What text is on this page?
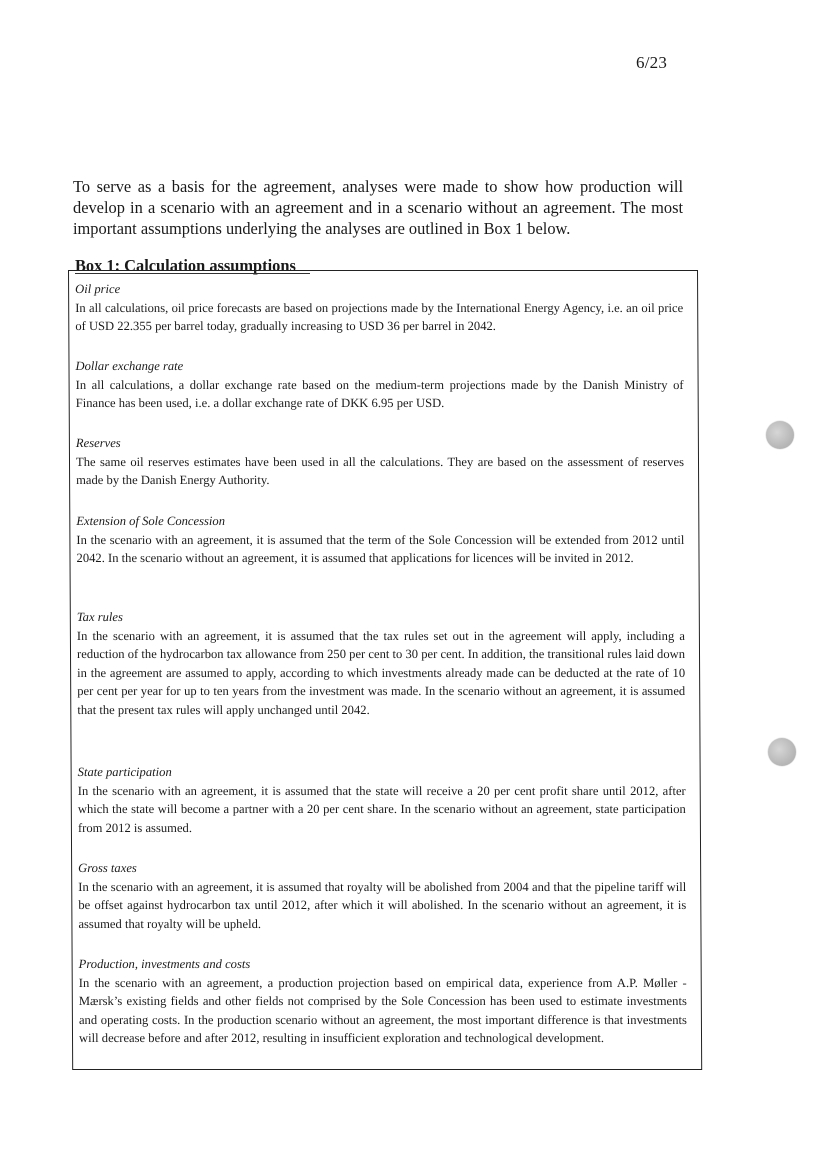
6/23

To serve as a basis for the agreement, analyses were made to show how production will develop in a scenario with an agreement and in a scenario without an agreement. The most important assumptions underlying the analyses are outlined in Box 1 below.

Box 1: Calculation assumptions
Oil price
In all calculations, oil price forecasts are based on projections made by the International Energy Agency, i.e. an oil price of USD 22.355 per barrel today, gradually increasing to USD 36 per barrel in 2042.
Dollar exchange rate
In all calculations, a dollar exchange rate based on the medium-term projections made by the Danish Ministry of Finance has been used, i.e. a dollar exchange rate of DKK 6.95 per USD.
Reserves
The same oil reserves estimates have been used in all the calculations. They are based on the assessment of reserves made by the Danish Energy Authority.
Extension of Sole Concession
In the scenario with an agreement, it is assumed that the term of the Sole Concession will be extended from 2012 until 2042. In the scenario without an agreement, it is assumed that applications for licences will be invited in 2012.
Tax rules
In the scenario with an agreement, it is assumed that the tax rules set out in the agreement will apply, including a reduction of the hydrocarbon tax allowance from 250 per cent to 30 per cent. In addition, the transitional rules laid down in the agreement are assumed to apply, according to which investments already made can be deducted at the rate of 10 per cent per year for up to ten years from the investment was made. In the scenario without an agreement, it is assumed that the present tax rules will apply unchanged until 2042.
State participation
In the scenario with an agreement, it is assumed that the state will receive a 20 per cent profit share until 2012, after which the state will become a partner with a 20 per cent share. In the scenario without an agreement, state participation from 2012 is assumed.
Gross taxes
In the scenario with an agreement, it is assumed that royalty will be abolished from 2004 and that the pipeline tariff will be offset against hydrocarbon tax until 2012, after which it will abolished. In the scenario without an agreement, it is assumed that royalty will be upheld.
Production, investments and costs
In the scenario with an agreement, a production projection based on empirical data, experience from A.P. Møller - Mærsk’s existing fields and other fields not comprised by the Sole Concession has been used to estimate investments and operating costs. In the production scenario without an agreement, the most important difference is that investments will decrease before and after 2012, resulting in insufficient exploration and technological development.
